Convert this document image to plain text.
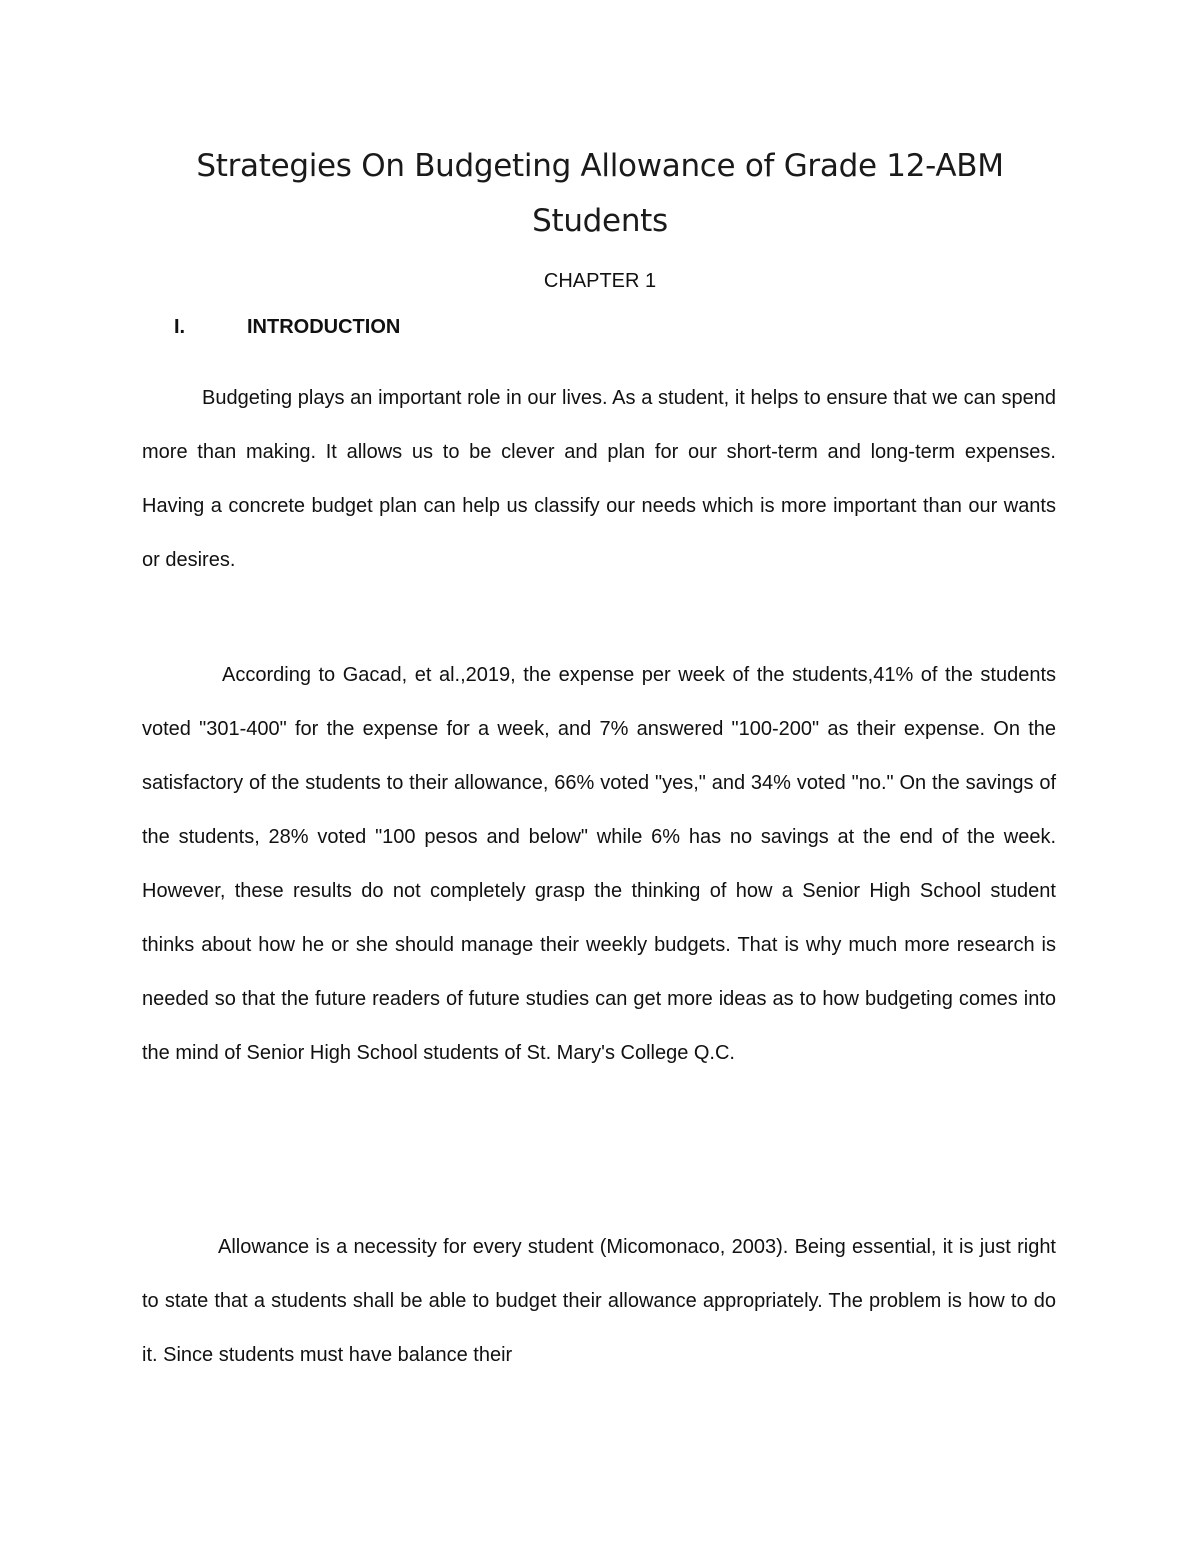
Strategies On Budgeting Allowance of Grade 12-ABM
Students
CHAPTER 1
I.	INTRODUCTION

Budgeting plays an important role in our lives. As a student, it helps to ensure that we can spend more than making. It allows us to be clever and plan for our short-term and long-term expenses. Having a concrete budget plan can help us classify our needs which is more important than our wants or desires.

According to Gacad, et al.,2019, the expense per week of the students,41% of the students voted "301-400" for the expense for a week, and 7% answered "100-200" as their expense. On the satisfactory of the students to their allowance, 66% voted "yes," and 34% voted "no." On the savings of the students, 28% voted "100 pesos and below" while 6% has no savings at the end of the week. However, these results do not completely grasp the thinking of how a Senior High School student thinks about how he or she should manage their weekly budgets. That is why much more research is needed so that the future readers of future studies can get more ideas as to how budgeting comes into the mind of Senior High School students of St. Mary's College Q.C.

Allowance is a necessity for every student (Micomonaco, 2003). Being essential, it is just right to state that a students shall be able to budget their allowance appropriately. The problem is how to do it. Since students must have balance their
